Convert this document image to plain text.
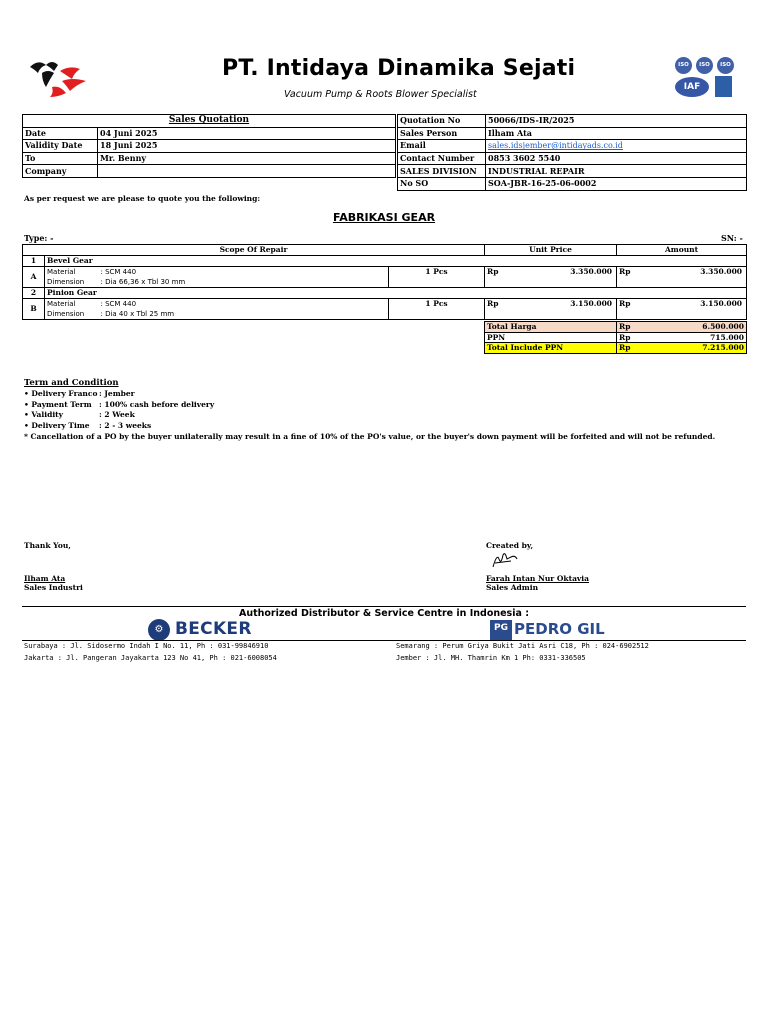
PT. Intidaya Dinamika Sejati
Vacuum Pump & Roots Blower Specialist
ISO	ISO	ISO
IAF
Sales Quotation			Quotation No	50066/IDS-IR/2025
Date	04 Juni 2025		Sales Person	Ilham Ata
Validity Date	18 Juni 2025		Email	sales.idsjember@intidayads.co.id
To	Mr. Benny		Contact Number	0853 3602 5540
Company			SALES DIVISION	INDUSTRIAL REPAIR
			No SO	SOA-JBR-16-25-06-0002
As per request we are please to quote you the following:
FABRIKASI GEAR
Type: -	SN: -
Scope Of Repair				Unit Price	Amount
1	Bevel Gear				
A	Material	: SCM 440	1 Pcs	Rp 3.350.000	Rp 3.350.000

	Dimension	: Dia 66,36 x Tbl 30 mm			
2	Pinion Gear				
B	Material	: SCM 440	1 Pcs	Rp 3.150.000	Rp 3.150.000

	Dimension	: Dia 40 x Tbl 25 mm			
Total Harga	Rp	6.500.000
PPN	Rp	715.000
Total Include PPN	Rp	7.215.000
Term and Condition
• Delivery Franco : Jember
• Payment Term : 100% cash before delivery
• Validity	: 2 Week
• Delivery Time : 2 - 3 weeks
* Cancellation of a PO by the buyer unilaterally may result in a fine of 10% of the PO's value, or the buyer's down payment will be forfeited and will not be refunded.
Thank You,
Ilham Ata
Sales Industri
Created by,
Farah Intan Nur Oktavia
Sales Admin
Authorized Distributor & Service Centre in Indonesia :
⚙ BECKER	PG PEDRO GIL
Surabaya : Jl. Sidosermo Indah I No. 11, Ph : 031-99846910
Jakarta : Jl. Pangeran Jayakarta 123 No 41, Ph : 021-6008054
Semarang : Perum Griya Bukit Jati Asri C18, Ph : 024-6902512
Jember : Jl. MH. Thamrin Km 1 Ph: 0331-336505
